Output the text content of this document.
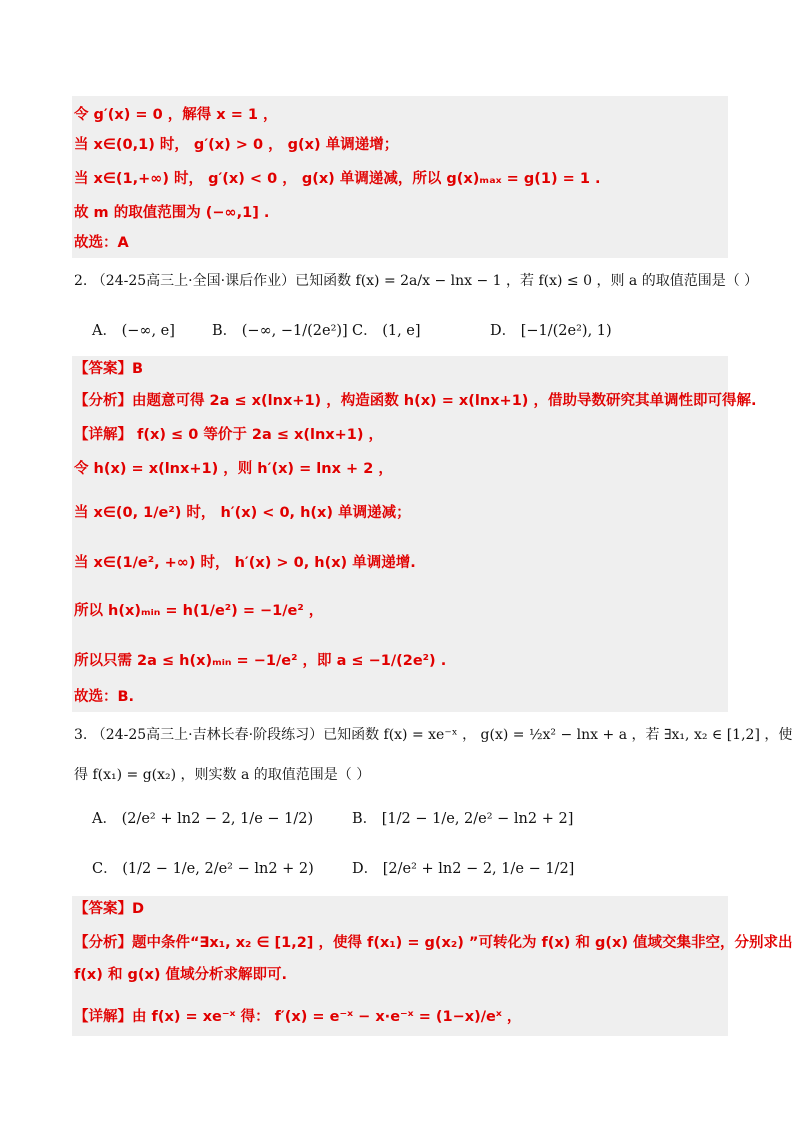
令 g′(x) = 0 ，解得 x = 1 ，
当 x∈(0,1) 时， g′(x) > 0 ， g(x) 单调递增；
当 x∈(1,+∞) 时， g′(x) < 0 ， g(x) 单调递减，所以 g(x)ₘₐₓ = g(1) = 1 .
故 m 的取值范围为 (−∞,1] .
故选：A
2. （24-25高三上·全国·课后作业）已知函数 f(x) = 2a/x − lnx − 1 ，若 f(x) ≤ 0 ，则 a 的取值范围是（ ）
A． (−∞, e]	B． (−∞, −1/(2e²)] C． (1, e]	D． [−1/(2e²), 1)
【答案】B
【分析】由题意可得 2a ≤ x(lnx+1) ，构造函数 h(x) = x(lnx+1) ，借助导数研究其单调性即可得解.
【详解】 f(x) ≤ 0 等价于 2a ≤ x(lnx+1) ，
令 h(x) = x(lnx+1) ，则 h′(x) = lnx + 2 ，
当 x∈(0, 1/e²) 时， h′(x) < 0, h(x) 单调递减；
当 x∈(1/e², +∞) 时， h′(x) > 0, h(x) 单调递增.
所以 h(x)ₘᵢₙ = h(1/e²) = −1/e² ，
所以只需 2a ≤ h(x)ₘᵢₙ = −1/e² ，即 a ≤ −1/(2e²) .
故选：B.
3. （24-25高三上·吉林长春·阶段练习）已知函数 f(x) = xe⁻ˣ ， g(x) = ½x² − lnx + a ，若 ∃x₁, x₂ ∈ [1,2] ，使
得 f(x₁) = g(x₂) ，则实数 a 的取值范围是（ ）
A． (2/e² + ln2 − 2, 1/e − 1/2)	B． [1/2 − 1/e, 2/e² − ln2 + 2]
C． (1/2 − 1/e, 2/e² − ln2 + 2)	D． [2/e² + ln2 − 2, 1/e − 1/2]
【答案】D
【分析】题中条件“∃x₁, x₂ ∈ [1,2] ，使得 f(x₁) = g(x₂) ”可转化为 f(x) 和 g(x) 值域交集非空，分别求出
f(x) 和 g(x) 值域分析求解即可.
【详解】由 f(x) = xe⁻ˣ 得： f′(x) = e⁻ˣ − x·e⁻ˣ = (1−x)/eˣ ，
